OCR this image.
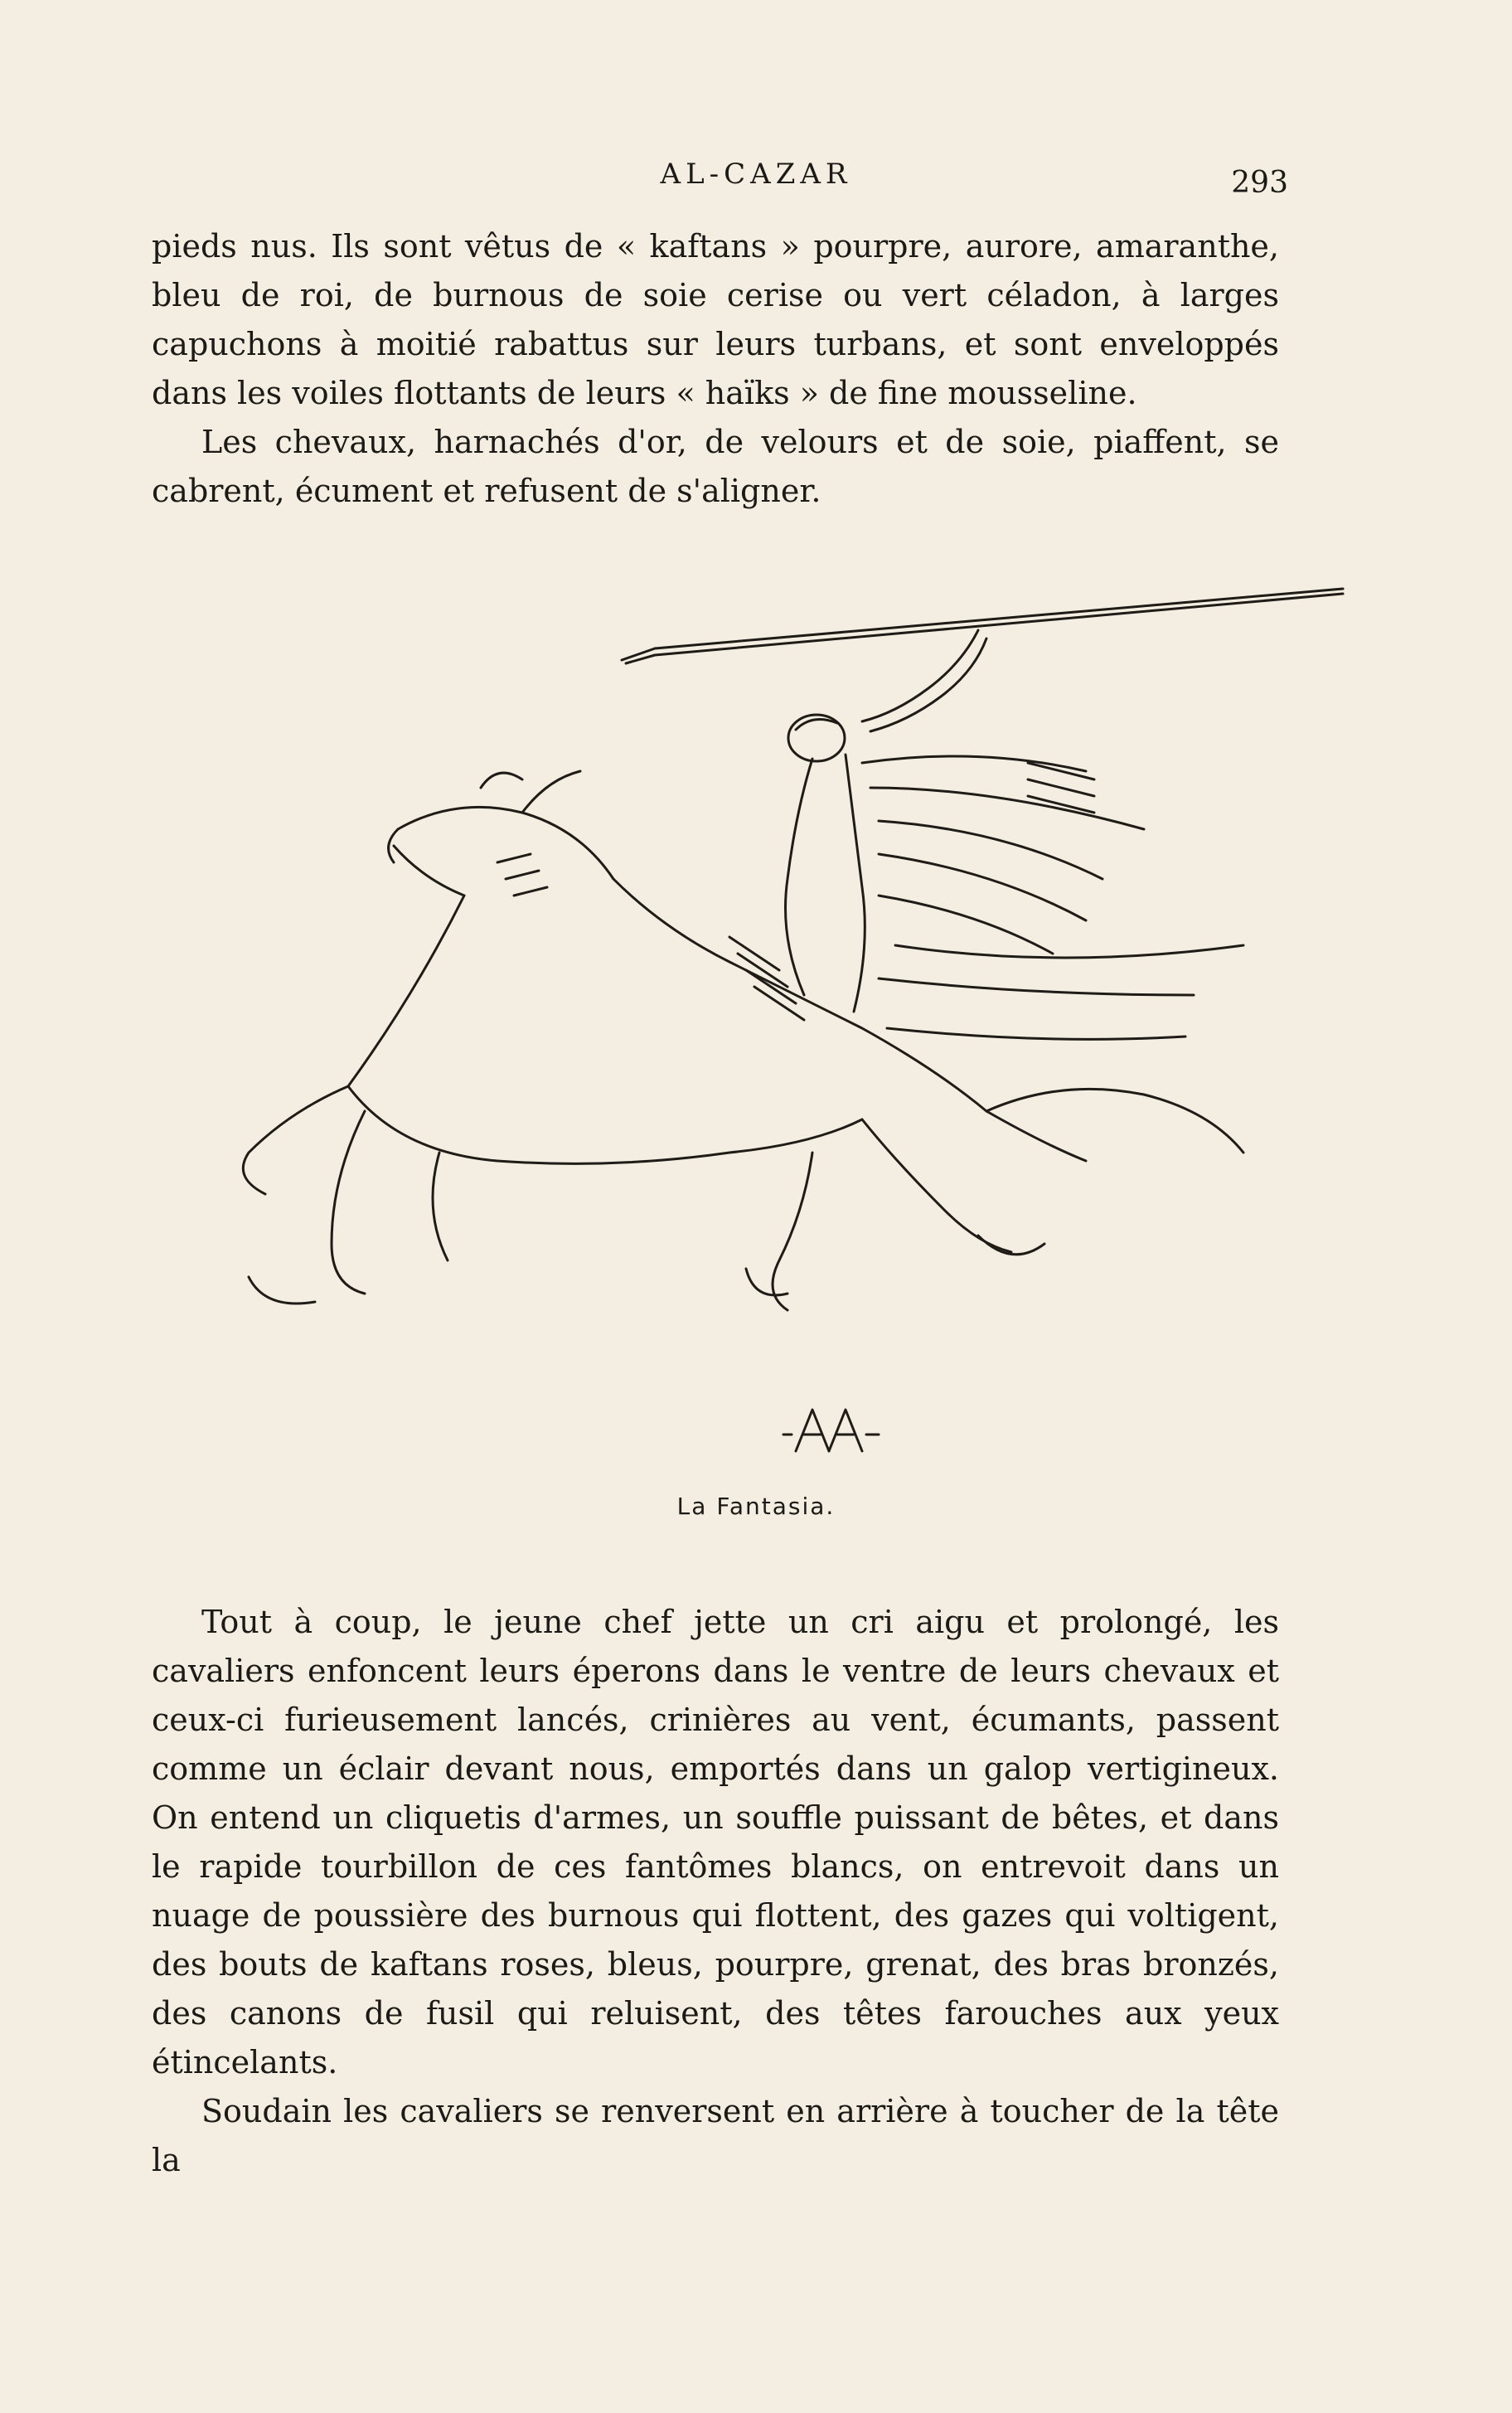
AL-CAZAR	293

pieds nus. Ils sont vêtus de « kaftans » pourpre, aurore, amaranthe, bleu de roi, de burnous de soie cerise ou vert céladon, à larges capuchons à moitié rabattus sur leurs turbans, et sont enveloppés dans les voiles flottants de leurs « haïks » de fine mousseline.

Les chevaux, harnachés d'or, de velours et de soie, piaffent, se cabrent, écument et refusent de s'aligner.

La Fantasia.

Tout à coup, le jeune chef jette un cri aigu et prolongé, les cavaliers enfoncent leurs éperons dans le ventre de leurs chevaux et ceux-ci furieusement lancés, crinières au vent, écumants, passent comme un éclair devant nous, emportés dans un galop vertigineux. On entend un cliquetis d'armes, un souffle puissant de bêtes, et dans le rapide tourbillon de ces fantômes blancs, on entrevoit dans un nuage de poussière des burnous qui flottent, des gazes qui voltigent, des bouts de kaftans roses, bleus, pourpre, grenat, des bras bronzés, des canons de fusil qui reluisent, des têtes farouches aux yeux étincelants.

Soudain les cavaliers se renversent en arrière à toucher de la tête la
